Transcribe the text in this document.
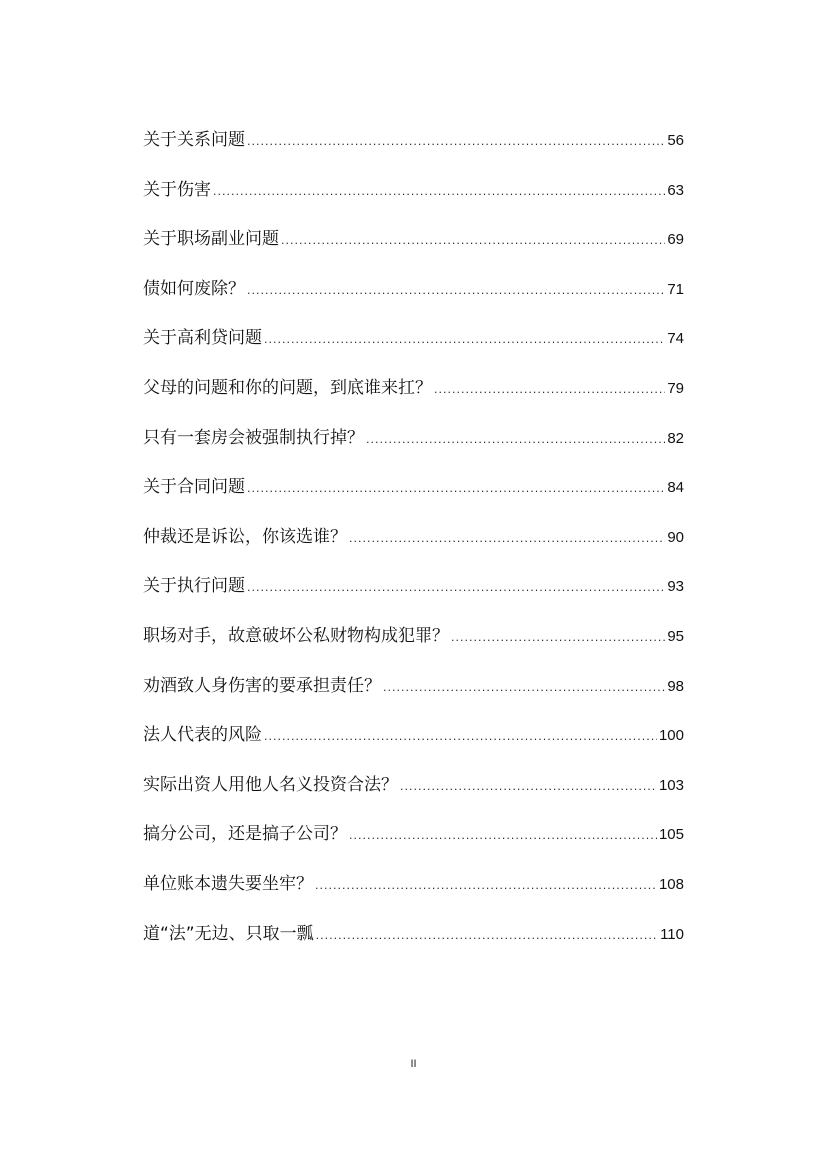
关于关系问题 .....	56
关于伤害 .....	63
关于职场副业问题 .....	69
债如何废除？ .....	71
关于高利贷问题 .....	74
父母的问题和你的问题，到底谁来扛？ .....	79
只有一套房会被强制执行掉？ .....	82
关于合同问题 .....	84
仲裁还是诉讼，你该选谁？ .....	90
关于执行问题 .....	93
职场对手，故意破坏公私财物构成犯罪？ .....	95
劝酒致人身伤害的要承担责任？ .....	98
法人代表的风险 .....	100
实际出资人用他人名义投资合法？ .....	103
搞分公司，还是搞子公司？ .....	105
单位账本遗失要坐牢？ .....	108
道“法”无边、只取一瓢 .....	110
II
